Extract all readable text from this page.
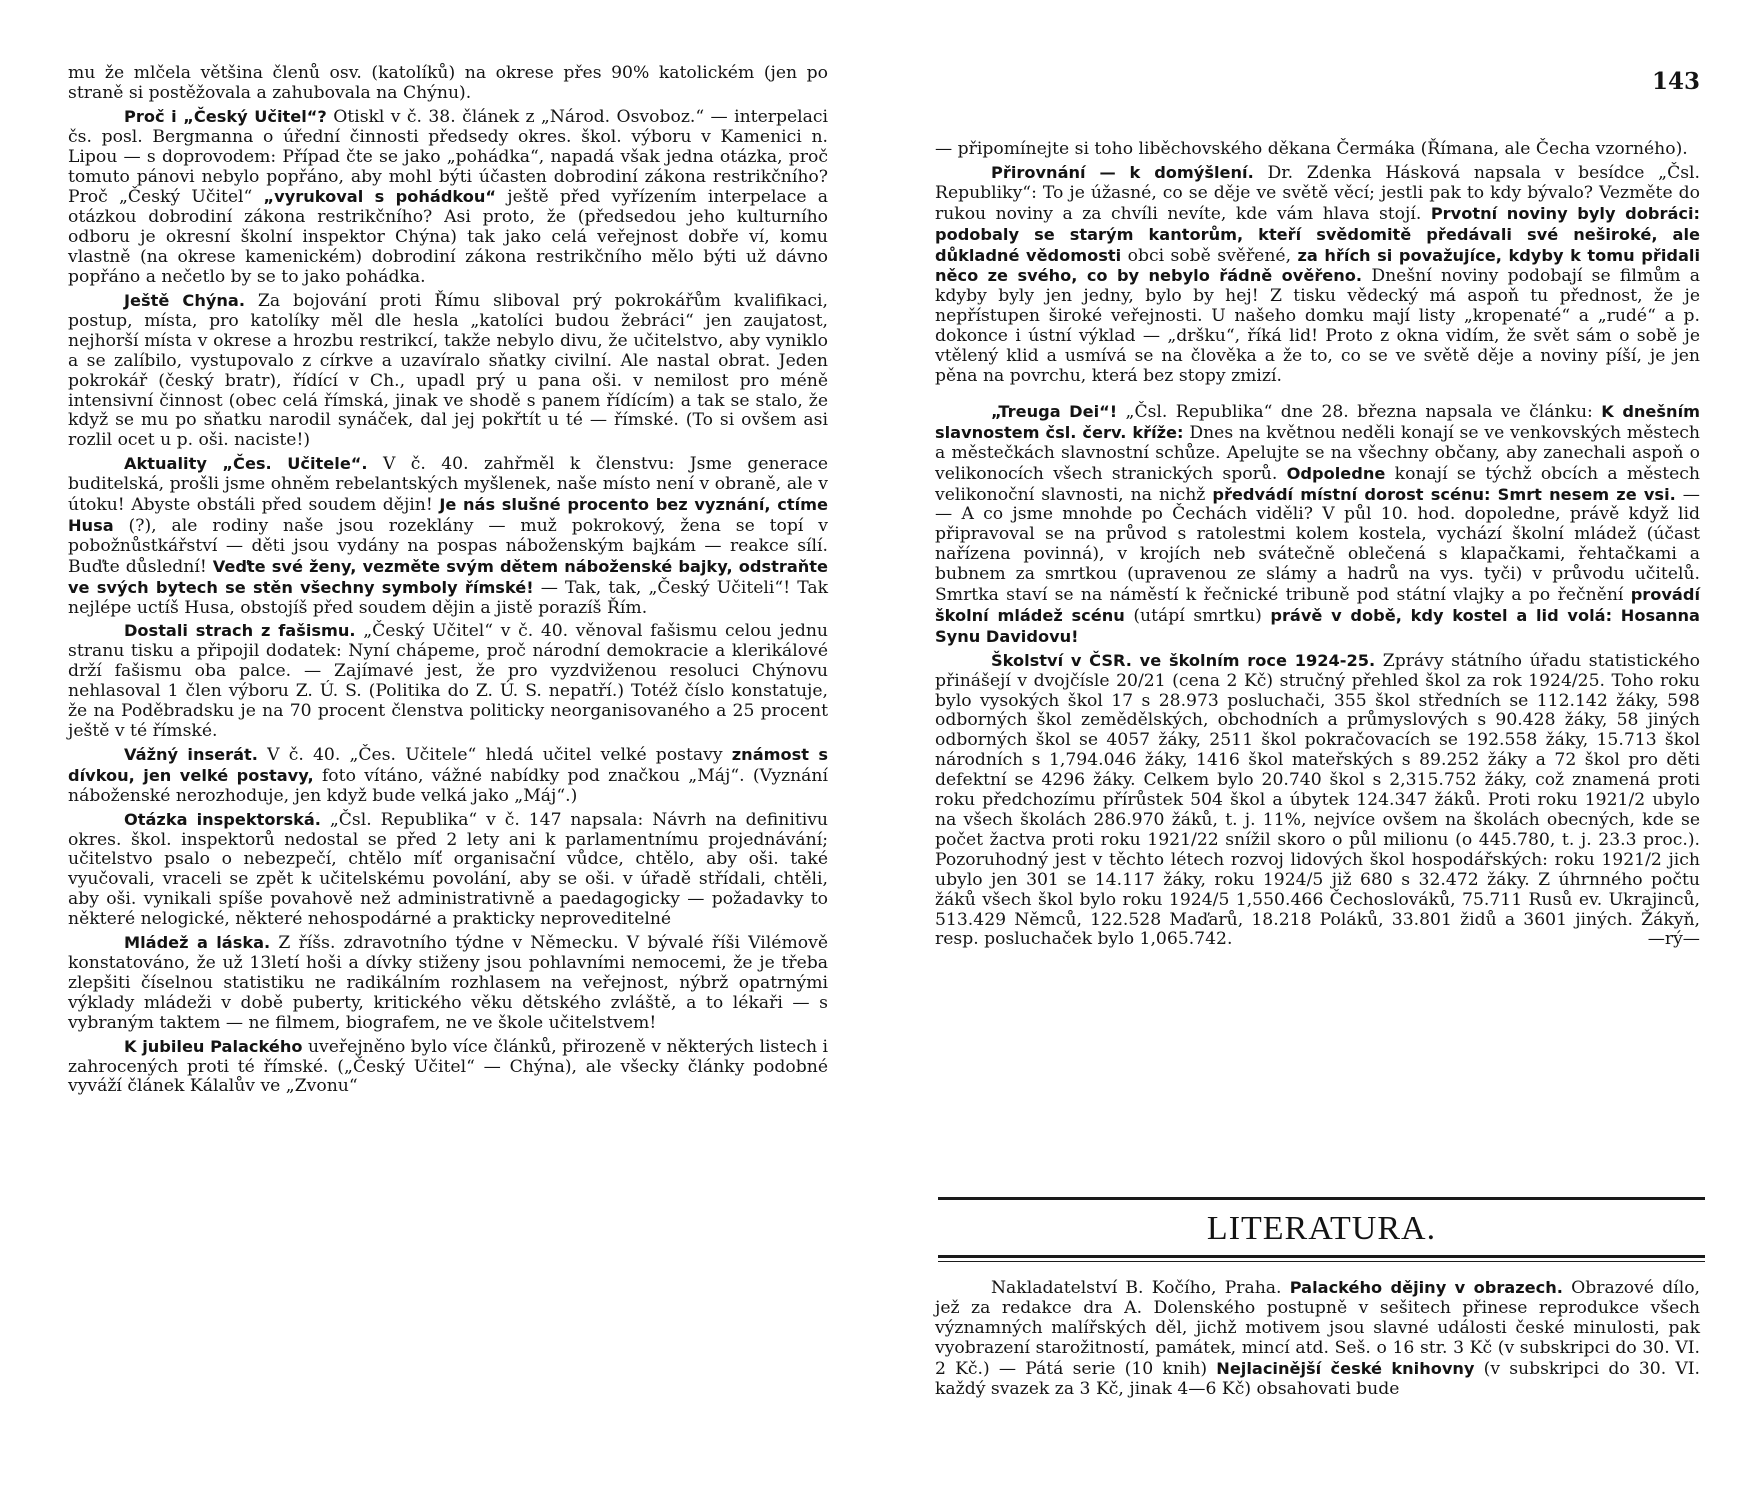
mu že mlčela většina členů osv. (katolíků) na okrese přes 90% katolickém (jen po straně si postěžovala a zahubovala na Chýnu).

Proč i „Český Učitel“? Otiskl v č. 38. článek z „Národ. Osvoboz.“ — interpelaci čs. posl. Bergmanna o úřední činnosti předsedy okres. škol. výboru v Kamenici n. Lipou — s doprovodem: Případ čte se jako „pohádka“, napadá však jedna otázka, proč tomuto pánovi nebylo popřáno, aby mohl býti účasten dobrodiní zákona restrikčního? Proč „Český Učitel“ „vyrukoval s pohádkou“ ještě před vyřízením interpelace a otázkou dobrodiní zákona restrikčního? Asi proto, že (předsedou jeho kulturního odboru je okresní školní inspektor Chýna) tak jako celá veřejnost dobře ví, komu vlastně (na okrese kamenickém) dobrodiní zákona restrikčního mělo býti už dávno popřáno a nečetlo by se to jako pohádka.

Ještě Chýna. Za bojování proti Římu sliboval prý pokrokářům kvalifikaci, postup, místa, pro katolíky měl dle hesla „katolíci budou žebráci“ jen zaujatost, nejhorší místa v okrese a hrozbu restrikcí, takže nebylo divu, že učitelstvo, aby vyniklo a se zalíbilo, vystupovalo z církve a uzavíralo sňatky civilní. Ale nastal obrat. Jeden pokrokář (český bratr), řídící v Ch., upadl prý u pana oši. v nemilost pro méně intensivní činnost (obec celá římská, jinak ve shodě s panem řídícím) a tak se stalo, že když se mu po sňatku narodil synáček, dal jej pokřtít u té — římské. (To si ovšem asi rozlil ocet u p. oši. naciste!)

Aktuality „Čes. Učitele“. V č. 40. zahřměl k členstvu: Jsme generace buditelská, prošli jsme ohněm rebelantských myšlenek, naše místo není v obraně, ale v útoku! Abyste obstáli před soudem dějin! Je nás slušné procento bez vyznání, ctíme Husa (?), ale rodiny naše jsou rozeklány — muž pokrokový, žena se topí v pobožnůstkářství — děti jsou vydány na pospas náboženským bajkám — reakce sílí. Buďte důslední! Veďte své ženy, vezměte svým dětem náboženské bajky, odstraňte ve svých bytech se stěn všechny symboly římské! — Tak, tak, „Český Učiteli“! Tak nejlépe uctíš Husa, obstojíš před soudem dějin a jistě porazíš Řím.

Dostali strach z fašismu. „Český Učitel“ v č. 40. věnoval fašismu celou jednu stranu tisku a připojil dodatek: Nyní chápeme, proč národní demokracie a klerikálové drží fašismu oba palce. — Zajímavé jest, že pro vyzdviženou resoluci Chýnovu nehlasoval 1 člen výboru Z. Ú. S. (Politika do Z. Ú. S. nepatří.) Totéž číslo konstatuje, že na Poděbradsku je na 70 procent členstva politicky neorganisovaného a 25 procent ještě v té římské.

Vážný inserát. V č. 40. „Čes. Učitele“ hledá učitel velké postavy známost s dívkou, jen velké postavy, foto vítáno, vážné nabídky pod značkou „Máj“. (Vyznání náboženské nerozhoduje, jen když bude velká jako „Máj“.)

Otázka inspektorská. „Čsl. Republika“ v č. 147 napsala: Návrh na definitivu okres. škol. inspektorů nedostal se před 2 lety ani k parlamentnímu projednávání; učitelstvo psalo o nebezpečí, chtělo míť organisační vůdce, chtělo, aby oši. také vyučovali, vraceli se zpět k učitelskému povolání, aby se oši. v úřadě střídali, chtěli, aby oši. vynikali spíše povahově než administrativně a paedagogicky — požadavky to některé nelogické, některé nehospodárné a prakticky neproveditelné

Mládež a láska. Z říšs. zdravotního týdne v Německu. V bývalé říši Vilémově konstatováno, že už 13letí hoši a dívky stiženy jsou pohlavními nemocemi, že je třeba zlepšiti číselnou statistiku ne radikálním rozhlasem na veřejnost, nýbrž opatrnými výklady mládeži v době puberty, kritického věku dětského zvláště, a to lékaři — s vybraným taktem — ne filmem, biografem, ne ve škole učitelstvem!

K jubileu Palackého uveřejněno bylo více článků, přirozeně v některých listech i zahrocených proti té římské. („Český Učitel“ — Chýna), ale všecky články podobné vyváží článek Kálalův ve „Zvonu“

143

— připomínejte si toho liběchovského děkana Čermáka (Římana, ale Čecha vzorného).

Přirovnání — k domýšlení. Dr. Zdenka Hásková napsala v besídce „Čsl. Republiky“: To je úžasné, co se děje ve světě věcí; jestli pak to kdy bývalo? Vezměte do rukou noviny a za chvíli nevíte, kde vám hlava stojí. Prvotní noviny byly dobráci: podobaly se starým kantorům, kteří svědomitě předávali své neširoké, ale důkladné vědomosti obci sobě svěřené, za hřích si považujíce, kdyby k tomu přidali něco ze svého, co by nebylo řádně ověřeno. Dnešní noviny podobají se filmům a kdyby byly jen jedny, bylo by hej! Z tisku vědecký má aspoň tu přednost, že je nepřístupen široké veřejnosti. U našeho domku mají listy „kropenaté“ a „rudé“ a p. dokonce i ústní výklad — „dršku“, říká lid! Proto z okna vidím, že svět sám o sobě je vtělený klid a usmívá se na člověka a že to, co se ve světě děje a noviny píší, je jen pěna na povrchu, která bez stopy zmizí.

„Treuga Dei“! „Čsl. Republika“ dne 28. března napsala ve článku: K dnešním slavnostem čsl. červ. kříže: Dnes na květnou neděli konají se ve venkovských městech a městečkách slavnostní schůze. Apelujte se na všechny občany, aby zanechali aspoň o velikonocích všech stranických sporů. Odpoledne konají se týchž obcích a městech velikonoční slavnosti, na nichž předvádí místní dorost scénu: Smrt nesem ze vsi. — — A co jsme mnohde po Čechách viděli? V půl 10. hod. dopoledne, právě když lid připravoval se na průvod s ratolestmi kolem kostela, vychází školní mládež (účast nařízena povinná), v krojích neb svátečně oblečená s klapačkami, řehtačkami a bubnem za smrtkou (upravenou ze slámy a hadrů na vys. tyči) v průvodu učitelů. Smrtka staví se na náměstí k řečnické tribuně pod státní vlajky a po řečnění provádí školní mládež scénu (utápí smrtku) právě v době, kdy kostel a lid volá: Hosanna Synu Davidovu!

Školství v ČSR. ve školním roce 1924-25. Zprávy státního úřadu statistického přinášejí v dvojčísle 20/21 (cena 2 Kč) stručný přehled škol za rok 1924/25. Toho roku bylo vysokých škol 17 s 28.973 posluchači, 355 škol středních se 112.142 žáky, 598 odborných škol zemědělských, obchodních a průmyslových s 90.428 žáky, 58 jiných odborných škol se 4057 žáky, 2511 škol pokračovacích se 192.558 žáky, 15.713 škol národních s 1,794.046 žáky, 1416 škol mateřských s 89.252 žáky a 72 škol pro děti defektní se 4296 žáky. Celkem bylo 20.740 škol s 2,315.752 žáky, což znamená proti roku předchozímu přírůstek 504 škol a úbytek 124.347 žáků. Proti roku 1921/2 ubylo na všech školách 286.970 žáků, t. j. 11%, nejvíce ovšem na školách obecných, kde se počet žactva proti roku 1921/22 snížil skoro o půl milionu (o 445.780, t. j. 23.3 proc.). Pozoruhodný jest v těchto létech rozvoj lidových škol hospodářských: roku 1921/2 jich ubylo jen 301 se 14.117 žáky, roku 1924/5 již 680 s 32.472 žáky. Z úhrnného počtu žáků všech škol bylo roku 1924/5 1,550.466 Čechoslováků, 75.711 Rusů ev. Ukrajinců, 513.429 Němců, 122.528 Maďarů, 18.218 Poláků, 33.801 židů a 3601 jiných. Žákyň, resp. posluchaček bylo 1,065.742.	—rý—

LITERATURA.

Nakladatelství B. Kočího, Praha. Palackého dějiny v obrazech. Obrazové dílo, jež za redakce dra A. Dolenského postupně v sešitech přinese reprodukce všech významných malířských děl, jichž motivem jsou slavné události české minulosti, pak vyobrazení starožitností, památek, mincí atd. Seš. o 16 str. 3 Kč (v subskripci do 30. VI. 2 Kč.) — Pátá serie (10 knih) Nejlacinější české knihovny (v subskripci do 30. VI. každý svazek za 3 Kč, jinak 4—6 Kč) obsahovati bude
